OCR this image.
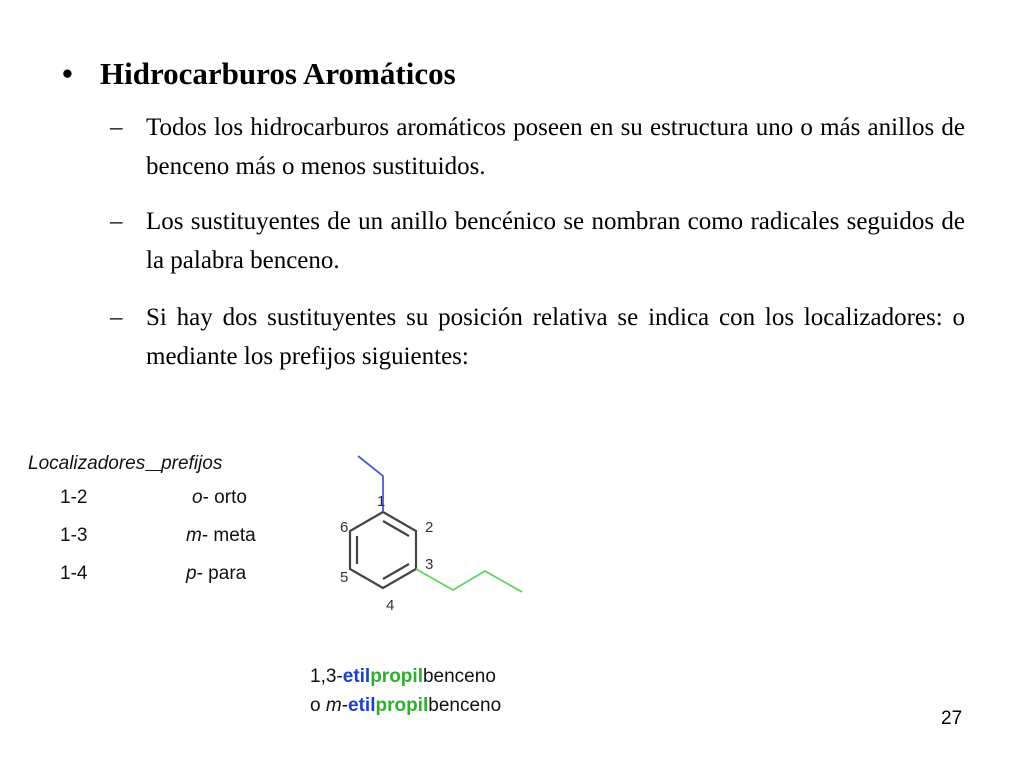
• Hidrocarburos Aromáticos
– Todos los hidrocarburos aromáticos poseen en su estructura uno o más anillos de benceno más o menos sustituidos.
– Los sustituyentes de un anillo bencénico se nombran como radicales seguidos de la palabra benceno.
– Si hay dos sustituyentes su posición relativa se indica con los localizadores: o mediante los prefijos siguientes:
Localizadores prefijos
1-2	o- orto
1-3	m- meta
1-4	p- para
1
2
3
4
5
6
1,3-etilpropilbenceno
o m-etilpropilbenceno
27
